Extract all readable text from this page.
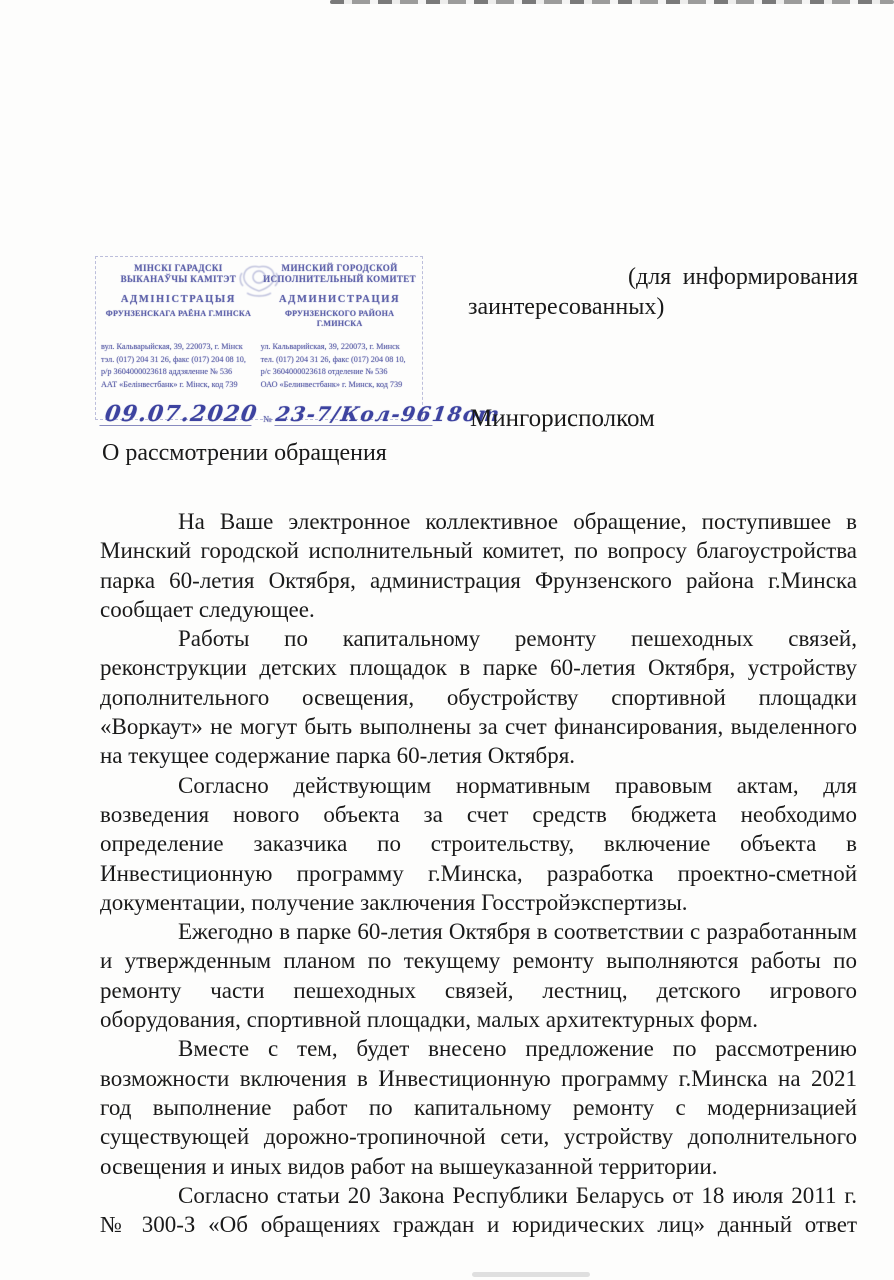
МІНСКІ ГАРАДСКІ
ВЫКАНАЎЧЫ КАМІТЭТ
АДМІНІСТРАЦЫЯ
ФРУНЗЕНСКАГА РАЁНА Г.МІНСКА
МИНСКИЙ ГОРОДСКОЙ
ИСПОЛНИТЕЛЬНЫЙ КОМИТЕТ
АДМИНИСТРАЦИЯ
ФРУНЗЕНСКОГО РАЙОНА Г.МИНСКА
вул. Кальварыйская, 39, 220073, г. Мінск
тэл. (017) 204 31 26, факс (017) 204 08 10,
р/р 3604000023618 аддзяленне № 536
ААТ «Белінвестбанк» г. Мінск, код 739
ул. Кальварийская, 39, 220073, г. Минск
тел. (017) 204 31 26, факс (017) 204 08 10,
р/с 3604000023618 отделение № 536
ОАО «Белинвестбанк» г. Минск, код 739
09.07.2020 № 23-7/Кол-9618от
(для информирования заинтересованных)
Мингорисполком
О рассмотрении обращения

На Ваше электронное коллективное обращение, поступившее в Минский городской исполнительный комитет, по вопросу благоустройства парка 60-летия Октября, администрация Фрунзенского района г.Минска сообщает следующее.

Работы по капитальному ремонту пешеходных связей, реконструкции детских площадок в парке 60-летия Октября, устройству дополнительного освещения, обустройству спортивной площадки «Воркаут» не могут быть выполнены за счет финансирования, выделенного на текущее содержание парка 60-летия Октября.

Согласно действующим нормативным правовым актам, для возведения нового объекта за счет средств бюджета необходимо определение заказчика по строительству, включение объекта в Инвестиционную программу г.Минска, разработка проектно-сметной документации, получение заключения Госстройэкспертизы.

Ежегодно в парке 60-летия Октября в соответствии с разработанным и утвержденным планом по текущему ремонту выполняются работы по ремонту части пешеходных связей, лестниц, детского игрового оборудования, спортивной площадки, малых архитектурных форм.

Вместе с тем, будет внесено предложение по рассмотрению возможности включения в Инвестиционную программу г.Минска на 2021 год выполнение работ по капитальному ремонту с модернизацией существующей дорожно-тропиночной сети, устройству дополнительного освещения и иных видов работ на вышеуказанной территории.

Согласно статьи 20 Закона Республики Беларусь от 18 июля 2011 г. № 300-З «Об обращениях граждан и юридических лиц» данный ответ
